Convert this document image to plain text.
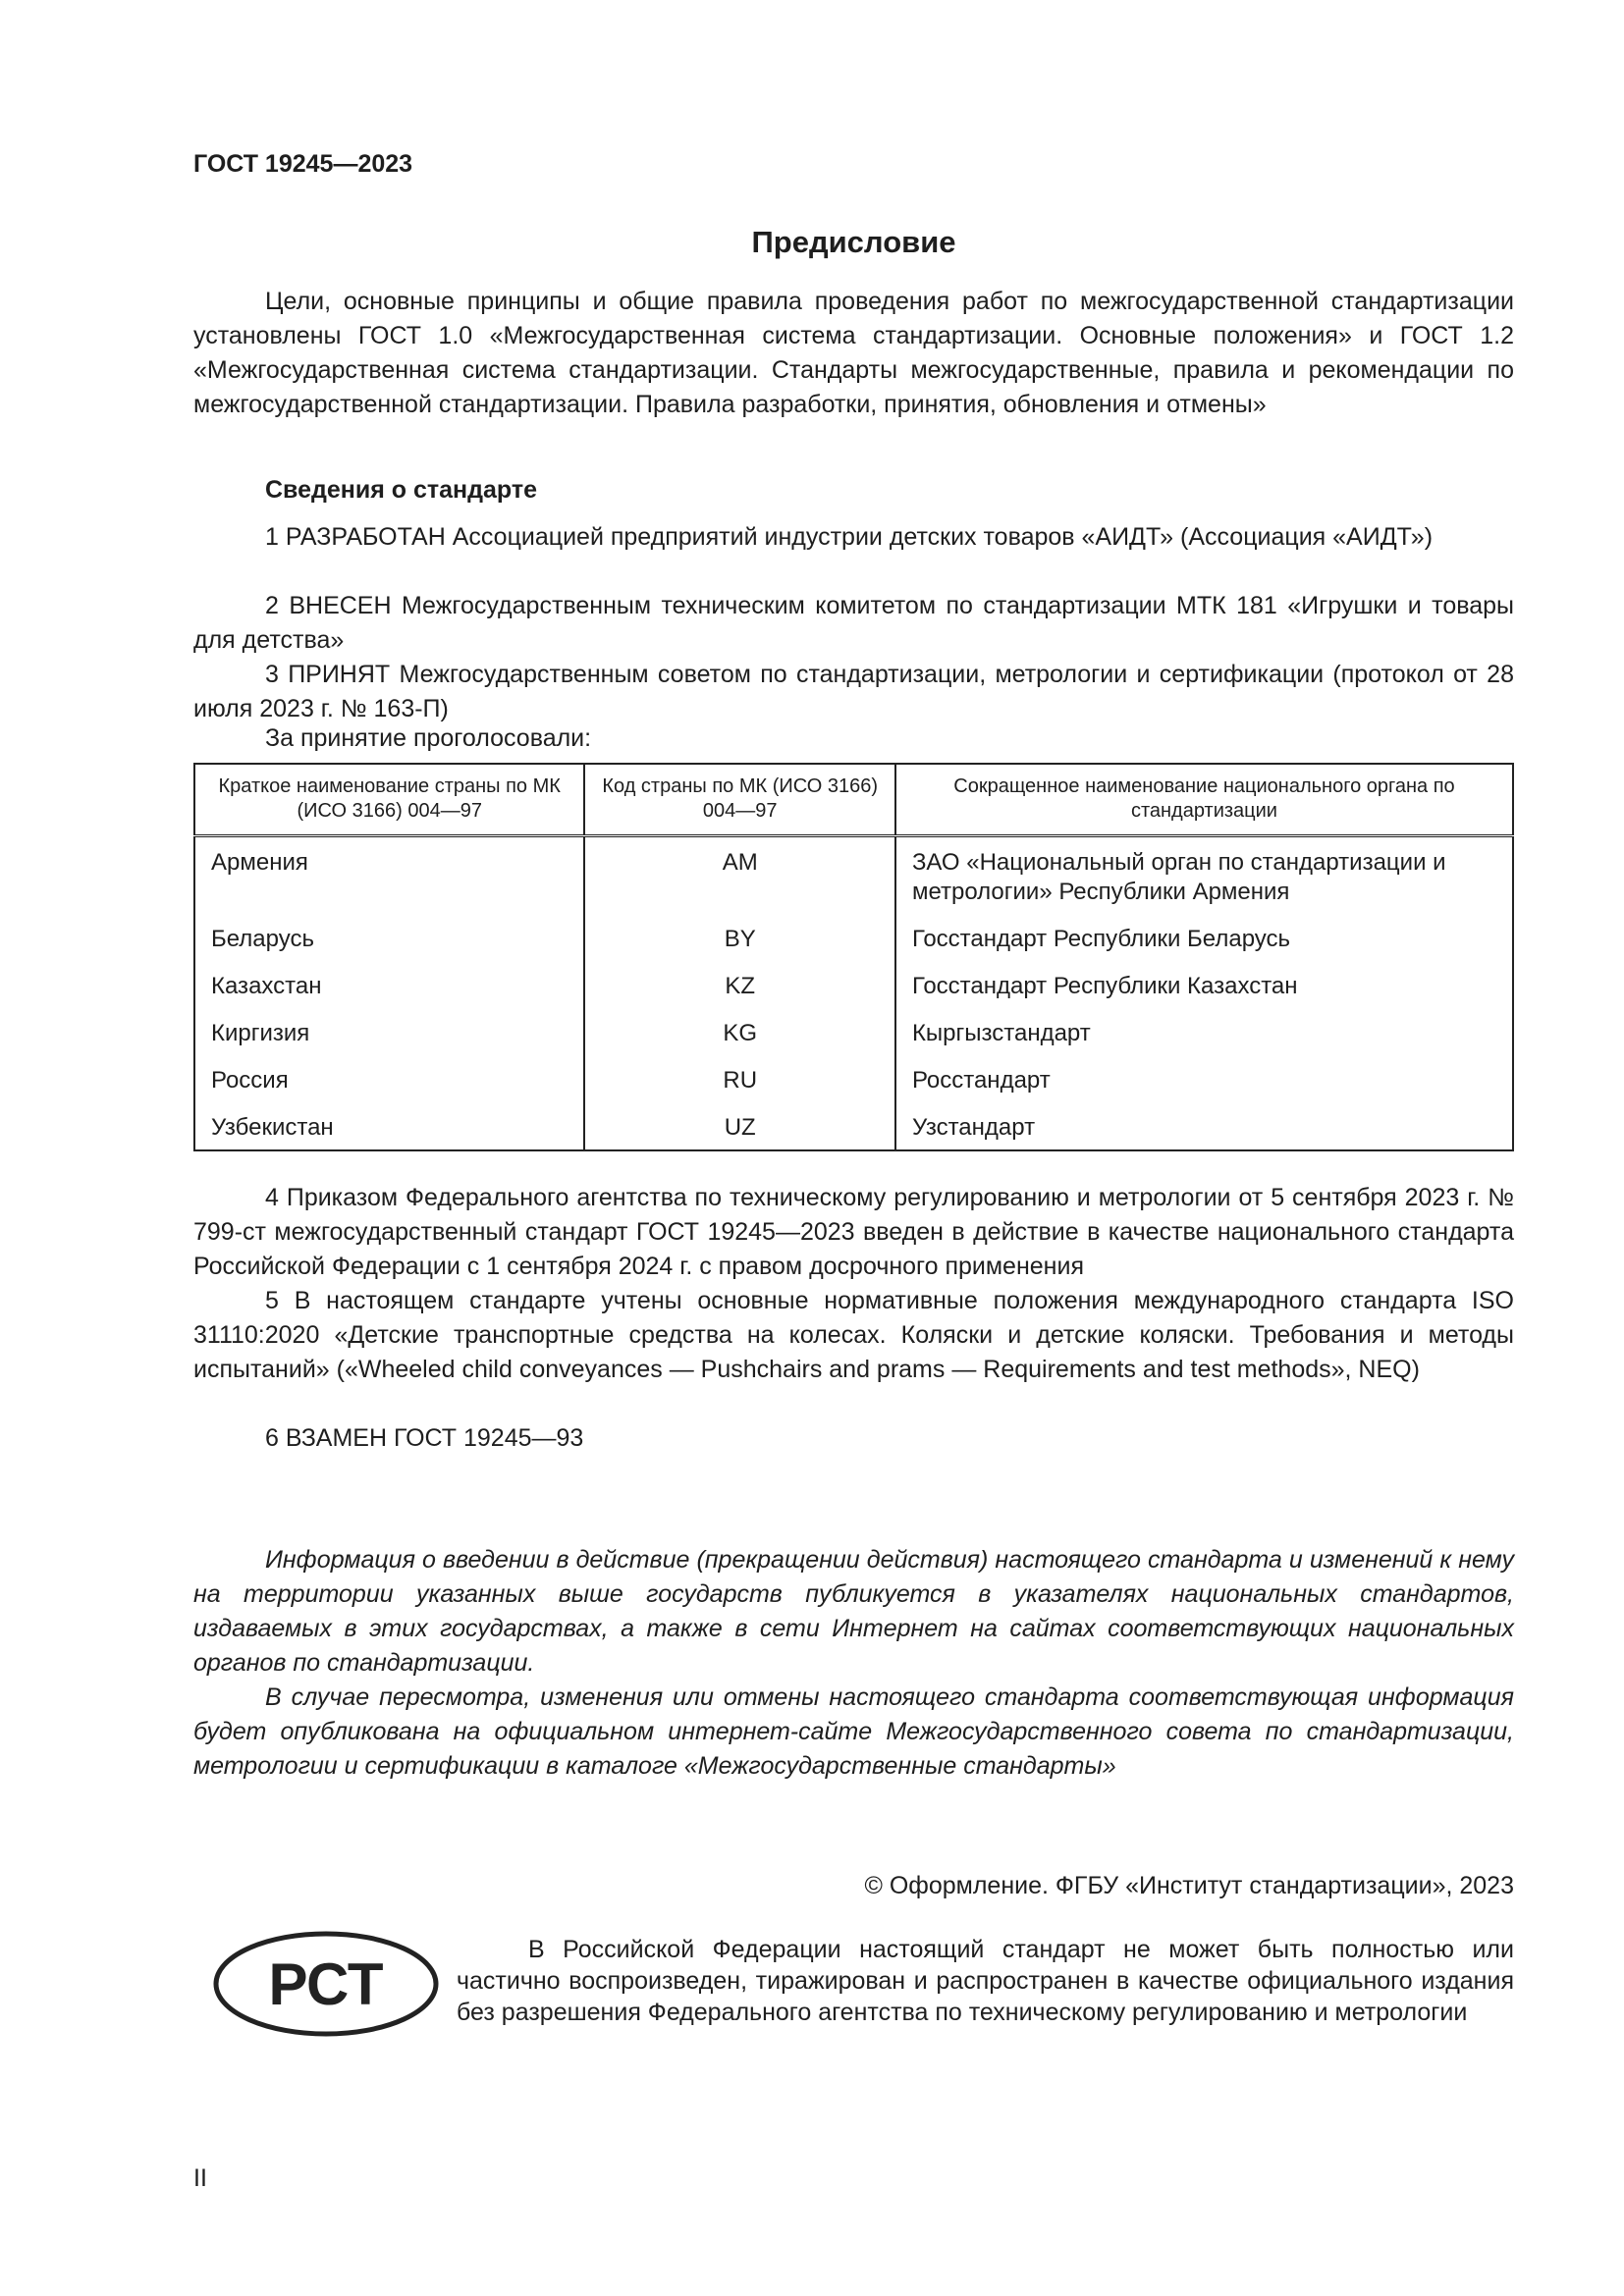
ГОСТ 19245—2023

Предисловие

Цели, основные принципы и общие правила проведения работ по межгосударственной стандартизации установлены ГОСТ 1.0 «Межгосударственная система стандартизации. Основные положения» и ГОСТ 1.2 «Межгосударственная система стандартизации. Стандарты межгосударственные, правила и рекомендации по межгосударственной стандартизации. Правила разработки, принятия, обновления и отмены»

Сведения о стандарте

1 РАЗРАБОТАН Ассоциацией предприятий индустрии детских товаров «АИДТ» (Ассоциация «АИДТ»)

2 ВНЕСЕН Межгосударственным техническим комитетом по стандартизации МТК 181 «Игрушки и товары для детства»

3 ПРИНЯТ Межгосударственным советом по стандартизации, метрологии и сертификации (протокол от 28 июля 2023 г. № 163-П)

За принятие проголосовали:

Краткое наименование страны по МК (ИСО 3166) 004—97	Код страны по МК (ИСО 3166) 004—97	Сокращенное наименование национального органа по стандартизации
Армения	AM	ЗАО «Национальный орган по стандартизации и метрологии» Республики Армения
Беларусь	BY	Госстандарт Республики Беларусь
Казахстан	KZ	Госстандарт Республики Казахстан
Киргизия	KG	Кыргызстандарт
Россия	RU	Росстандарт
Узбекистан	UZ	Узстандарт

4 Приказом Федерального агентства по техническому регулированию и метрологии от 5 сентября 2023 г. № 799-ст межгосударственный стандарт ГОСТ 19245—2023 введен в действие в качестве национального стандарта Российской Федерации с 1 сентября 2024 г. с правом досрочного применения

5 В настоящем стандарте учтены основные нормативные положения международного стандарта ISO 31110:2020 «Детские транспортные средства на колесах. Коляски и детские коляски. Требования и методы испытаний» («Wheeled child conveyances — Pushchairs and prams — Requirements and test methods», NEQ)

6 ВЗАМЕН ГОСТ 19245—93

Информация о введении в действие (прекращении действия) настоящего стандарта и изменений к нему на территории указанных выше государств публикуется в указателях национальных стандартов, издаваемых в этих государствах, а также в сети Интернет на сайтах соответствующих национальных органов по стандартизации.

В случае пересмотра, изменения или отмены настоящего стандарта соответствующая информация будет опубликована на официальном интернет-сайте Межгосударственного совета по стандартизации, метрологии и сертификации в каталоге «Межгосударственные стандарты»

© Оформление. ФГБУ «Институт стандартизации», 2023

РСТ

В Российской Федерации настоящий стандарт не может быть полностью или частично воспроизведен, тиражирован и распространен в качестве официального издания без разрешения Федерального агентства по техническому регулированию и метрологии

II
